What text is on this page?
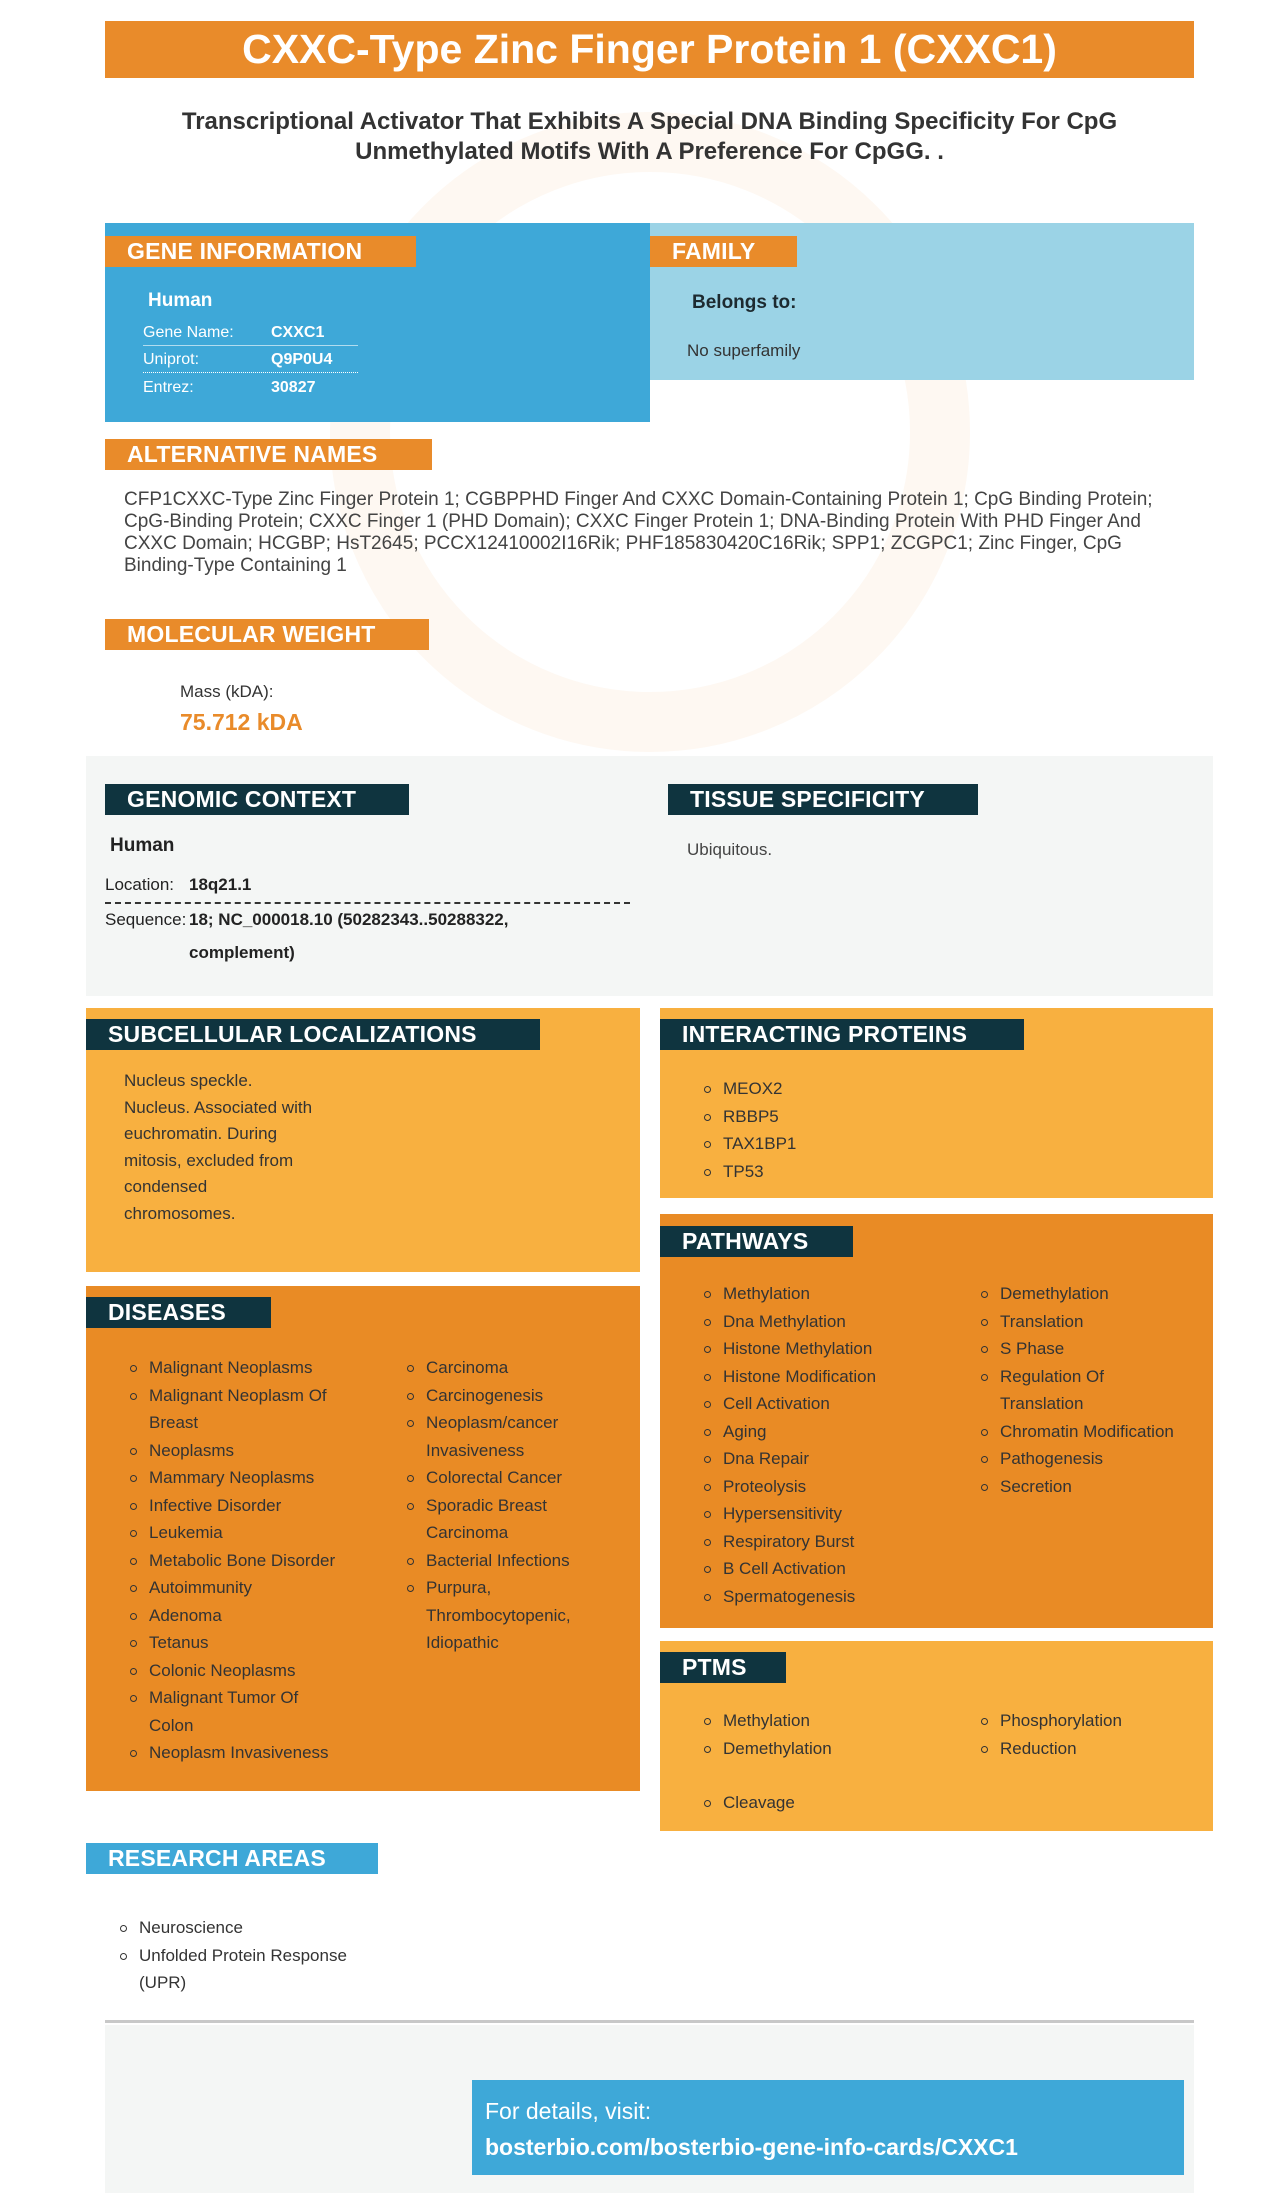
CXXC-Type Zinc Finger Protein 1 (CXXC1)
Transcriptional Activator That Exhibits A Special DNA Binding Specificity For CpG Unmethylated Motifs With A Preference For CpGG. .
GENE INFORMATION
Human
Gene Name: CXXC1
Uniprot:	Q9P0U4
Entrez:	30827
FAMILY
Belongs to:
No superfamily
ALTERNATIVE NAMES
CFP1CXXC-Type Zinc Finger Protein 1; CGBPPHD Finger And CXXC Domain-Containing Protein 1; CpG Binding Protein; CpG-Binding Protein; CXXC Finger 1 (PHD Domain); CXXC Finger Protein 1; DNA-Binding Protein With PHD Finger And CXXC Domain; HCGBP; HsT2645; PCCX12410002I16Rik; PHF185830420C16Rik; SPP1; ZCGPC1; Zinc Finger, CpG Binding-Type Containing 1
MOLECULAR WEIGHT
Mass (kDA):
75.712 kDA
GENOMIC CONTEXT
Human
Location: 18q21.1
Sequence: 18; NC_000018.10 (50282343..50288322,
complement)
TISSUE SPECIFICITY
Ubiquitous.
SUBCELLULAR LOCALIZATIONS
Nucleus speckle.
Nucleus. Associated with
euchromatin. During
mitosis, excluded from
condensed
chromosomes.
INTERACTING PROTEINS
MEOX2
RBBP5
TAX1BP1
TP53
PATHWAYS
Methylation
Dna Methylation
Histone Methylation
Histone Modification
Cell Activation
Aging
Dna Repair
Proteolysis
Hypersensitivity
Respiratory Burst
B Cell Activation
Spermatogenesis
Demethylation
Translation
S Phase
Regulation Of Translation
Chromatin Modification
Pathogenesis
Secretion
DISEASES
Malignant Neoplasms
Malignant Neoplasm Of Breast
Neoplasms
Mammary Neoplasms
Infective Disorder
Leukemia
Metabolic Bone Disorder
Autoimmunity
Adenoma
Tetanus
Colonic Neoplasms
Malignant Tumor Of Colon
Neoplasm Invasiveness
Carcinoma
Carcinogenesis
Neoplasm/cancer Invasiveness
Colorectal Cancer
Sporadic Breast Carcinoma
Bacterial Infections
Purpura, Thrombocytopenic, Idiopathic
PTMS
Methylation
Demethylation
Phosphorylation
Reduction
Cleavage
RESEARCH AREAS
Neuroscience
Unfolded Protein Response (UPR)
For details, visit:
bosterbio.com/bosterbio-gene-info-cards/CXXC1
